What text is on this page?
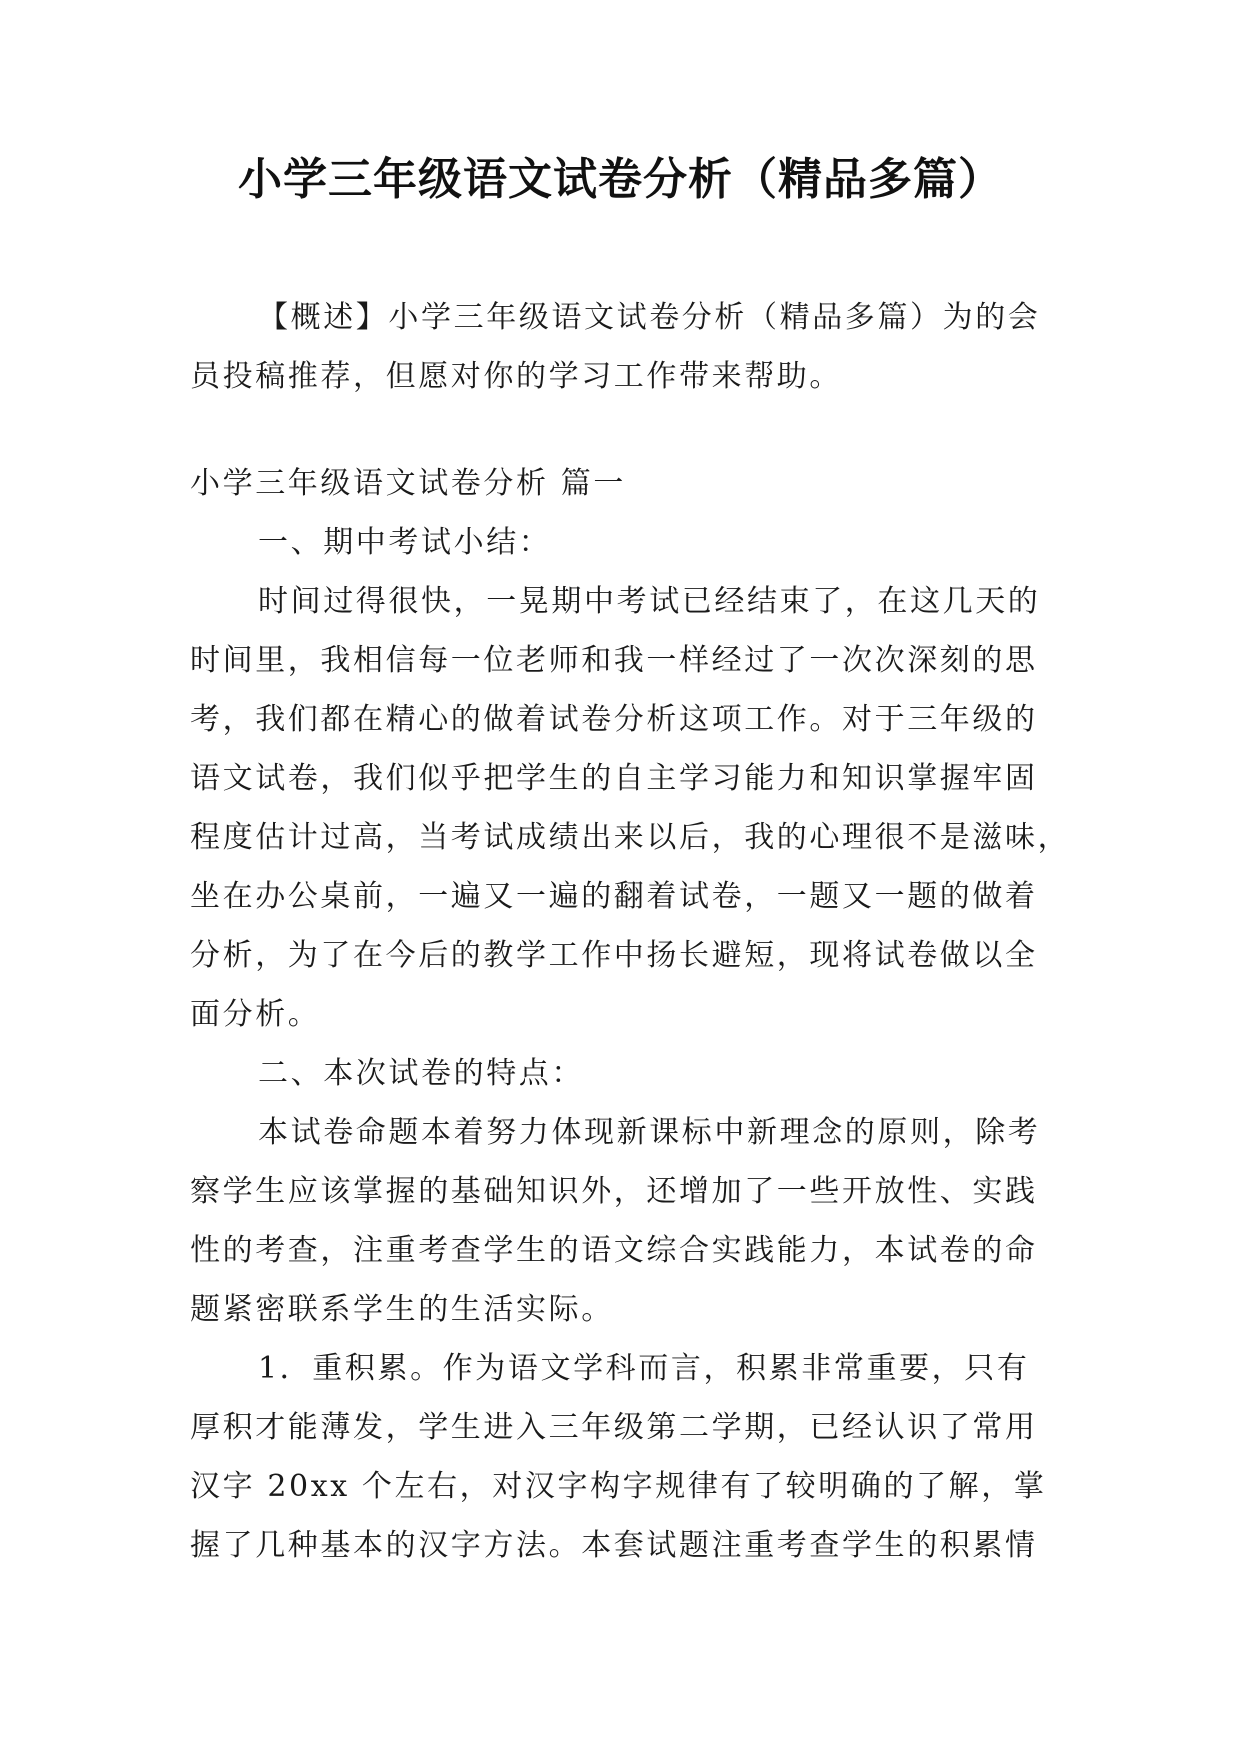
小学三年级语文试卷分析（精品多篇）
【概述】小学三年级语文试卷分析（精品多篇）为的会
员投稿推荐，但愿对你的学习工作带来帮助。
小学三年级语文试卷分析 篇一
一、期中考试小结：
时间过得很快，一晃期中考试已经结束了，在这几天的
时间里，我相信每一位老师和我一样经过了一次次深刻的思
考，我们都在精心的做着试卷分析这项工作。对于三年级的
语文试卷，我们似乎把学生的自主学习能力和知识掌握牢固
程度估计过高，当考试成绩出来以后，我的心理很不是滋味，
坐在办公桌前，一遍又一遍的翻着试卷，一题又一题的做着
分析，为了在今后的教学工作中扬长避短，现将试卷做以全
面分析。
二、本次试卷的特点：
本试卷命题本着努力体现新课标中新理念的原则，除考
察学生应该掌握的基础知识外，还增加了一些开放性、实践
性的考查，注重考查学生的语文综合实践能力，本试卷的命
题紧密联系学生的生活实际。
1．重积累。作为语文学科而言，积累非常重要，只有
厚积才能薄发，学生进入三年级第二学期，已经认识了常用
汉字 20xx 个左右，对汉字构字规律有了较明确的了解，掌
握了几种基本的汉字方法。本套试题注重考查学生的积累情
